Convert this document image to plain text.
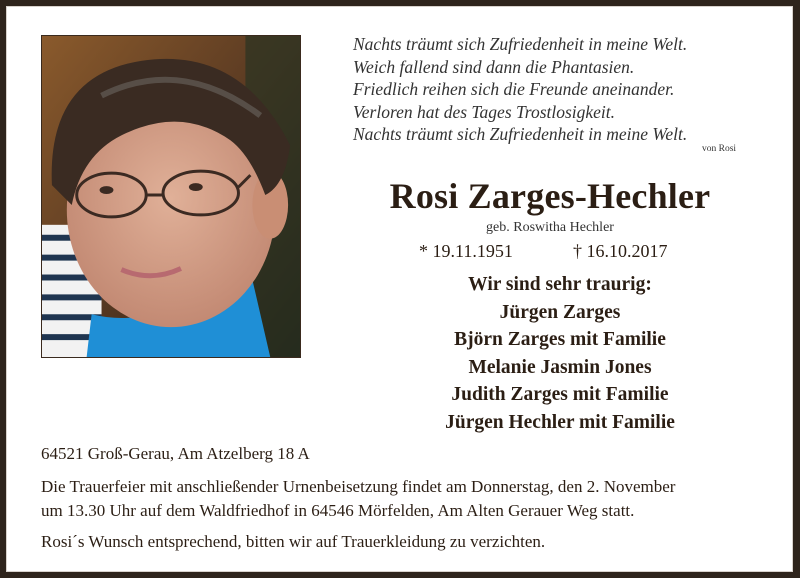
Nachts träumt sich Zufriedenheit in meine Welt.
Weich fallend sind dann die Phantasien.
Friedlich reihen sich die Freunde aneinander.
Verloren hat des Tages Trostlosigkeit.
Nachts träumt sich Zufriedenheit in meine Welt.
von Rosi
Rosi Zarges-Hechler
geb. Roswitha Hechler
* 19.11.1951	† 16.10.2017
Wir sind sehr traurig:
Jürgen Zarges
Björn Zarges mit Familie
Melanie Jasmin Jones
Judith Zarges mit Familie
Jürgen Hechler mit Familie
64521 Groß-Gerau, Am Atzelberg 18 A
Die Trauerfeier mit anschließender Urnenbeisetzung findet am Donnerstag, den 2. November
um 13.30 Uhr auf dem Waldfriedhof in 64546 Mörfelden, Am Alten Gerauer Weg statt.
Rosi´s Wunsch entsprechend, bitten wir auf Trauerkleidung zu verzichten.
